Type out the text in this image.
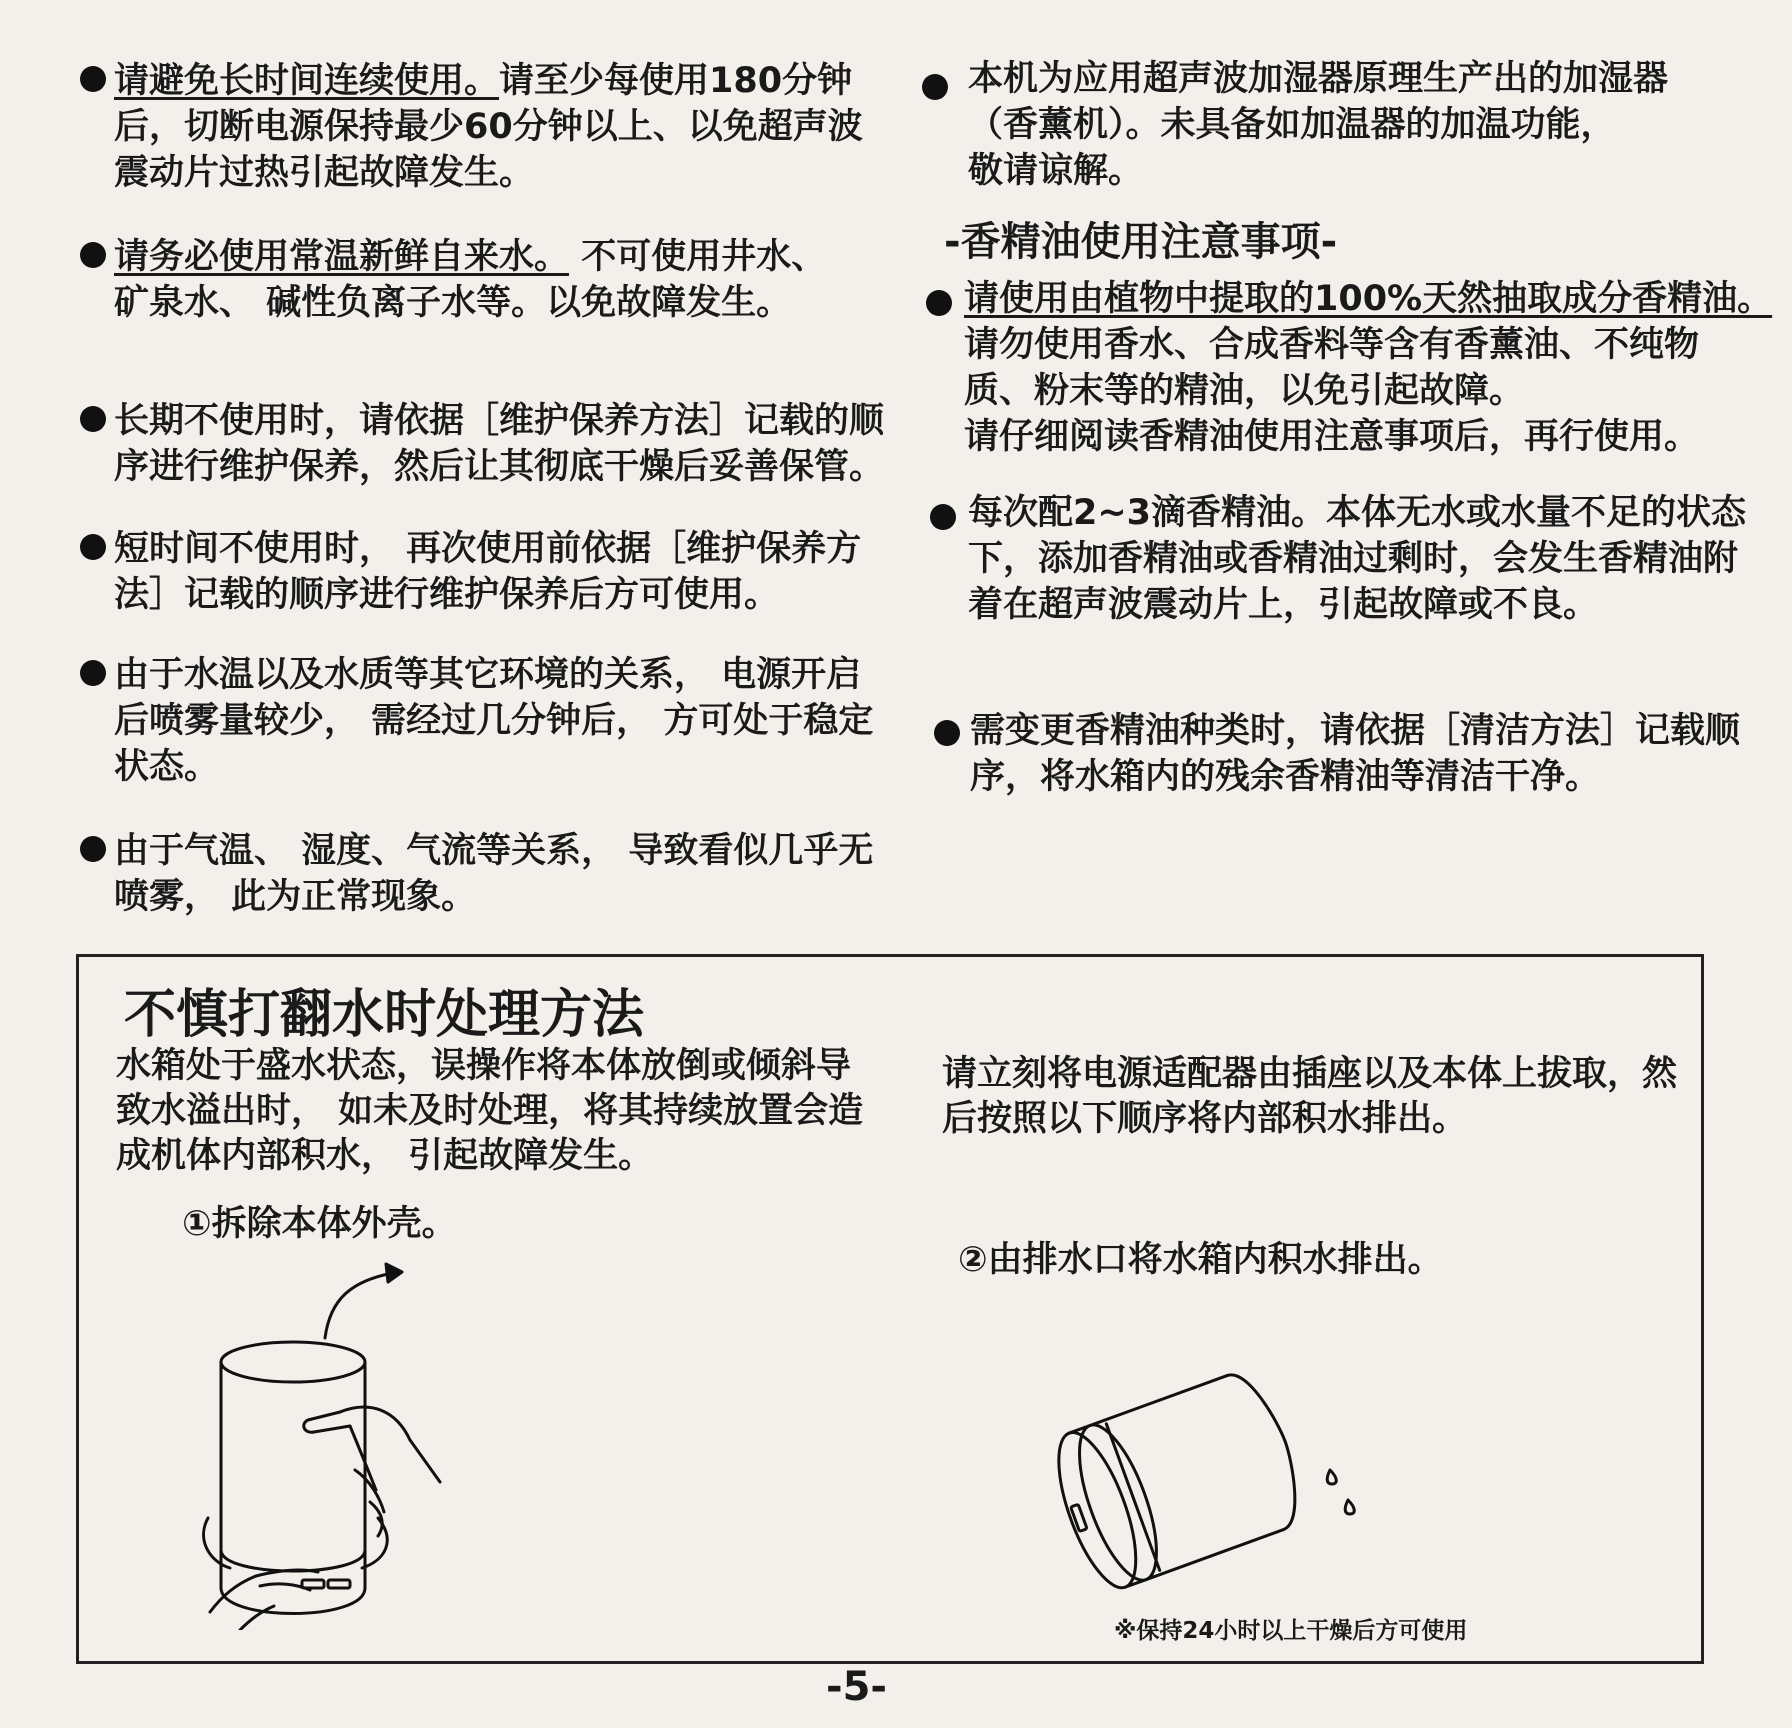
请避免长时间连续使用。请至少每使用180分钟
后，切断电源保持最少60分钟以上、以免超声波
震动片过热引起故障发生。
请务必使用常温新鲜自来水。 不可使用井水、
矿泉水、 碱性负离子水等。以免故障发生。
长期不使用时，请依据［维护保养方法］记载的顺
序进行维护保养，然后让其彻底干燥后妥善保管。
短时间不使用时， 再次使用前依据［维护保养方
法］记载的顺序进行维护保养后方可使用。
由于水温以及水质等其它环境的关系， 电源开启
后喷雾量较少， 需经过几分钟后， 方可处于稳定
状态。
由于气温、 湿度、气流等关系， 导致看似几乎无
喷雾， 此为正常现象。
本机为应用超声波加湿器原理生产出的加湿器
（香薰机）。未具备如加温器的加温功能，
敬请谅解。
-香精油使用注意事项-
请使用由植物中提取的100%天然抽取成分香精油。
请勿使用香水、合成香料等含有香薰油、不纯物
质、粉末等的精油，以免引起故障。
请仔细阅读香精油使用注意事项后，再行使用。
每次配2~3滴香精油。本体无水或水量不足的状态
下，添加香精油或香精油过剩时，会发生香精油附
着在超声波震动片上，引起故障或不良。
需变更香精油种类时，请依据［清洁方法］记载顺
序，将水箱内的残余香精油等清洁干净。
不慎打翻水时处理方法
水箱处于盛水状态，误操作将本体放倒或倾斜导
致水溢出时， 如未及时处理，将其持续放置会造
成机体内部积水， 引起故障发生。
请立刻将电源适配器由插座以及本体上拔取，然
后按照以下顺序将内部积水排出。
①拆除本体外壳。
②由排水口将水箱内积水排出。
※保持24小时以上干燥后方可使用
-5-
